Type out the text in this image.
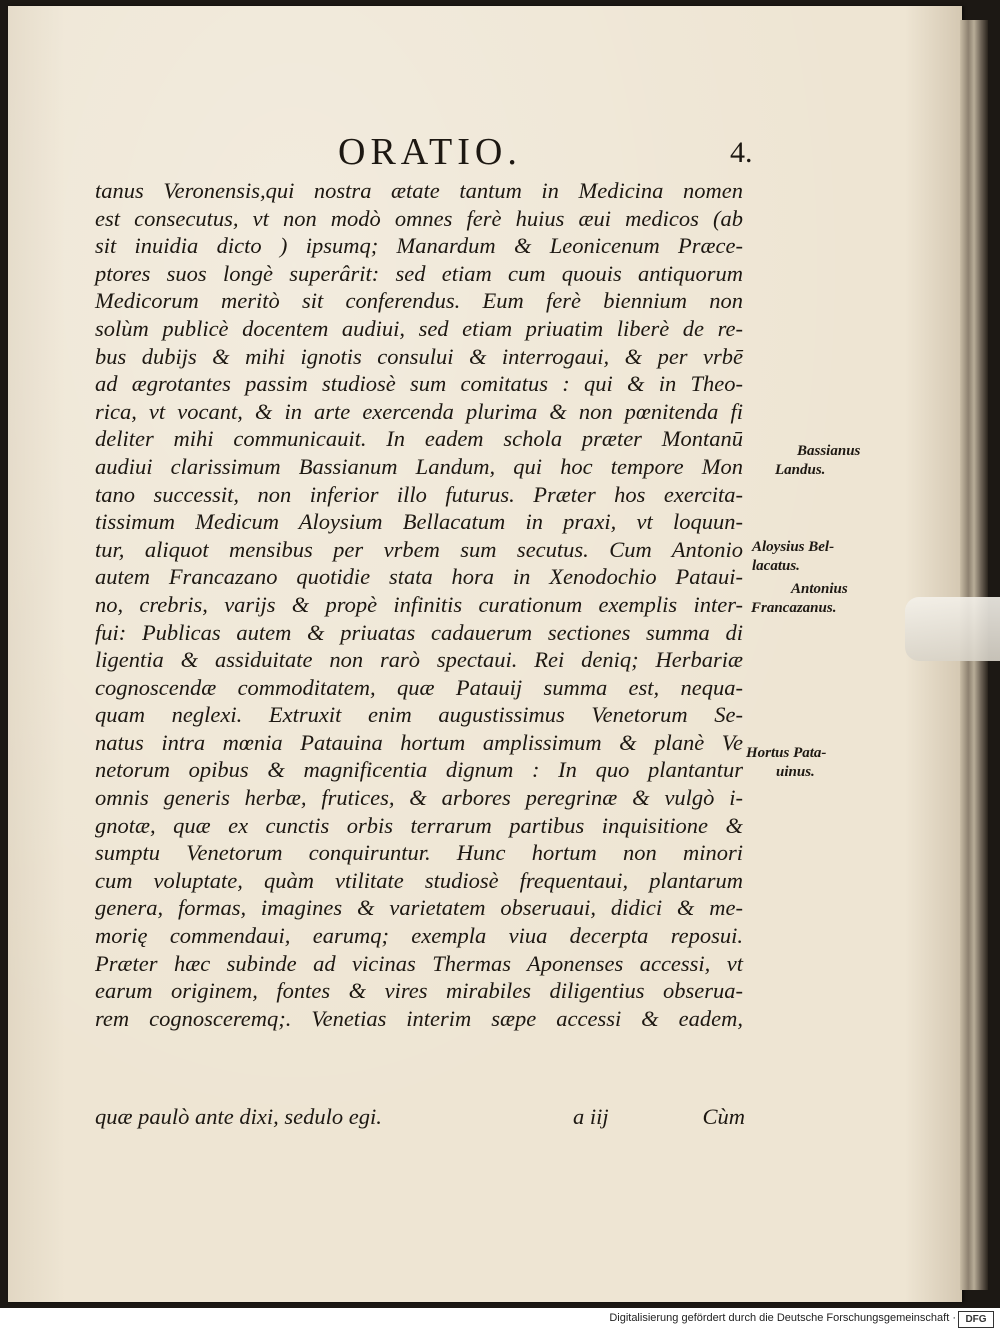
ORATIO.	4.
tanus Veronensis,qui nostra ætate tantum in Medicina nomen
est consecutus, vt non modò omnes ferè huius æui medicos (ab
sit inuidia dicto ) ipsumq; Manardum & Leonicenum Præce-
ptores suos longè superârit: sed etiam cum quouis antiquorum
Medicorum meritò sit conferendus. Eum ferè biennium non
solùm publicè docentem audiui, sed etiam priuatim liberè de re-
bus dubijs & mihi ignotis consului & interrogaui, & per vrbē
ad ægrotantes passim studiosè sum comitatus : qui & in Theo-
rica, vt vocant, & in arte exercenda plurima & non pœnitenda fi
deliter mihi communicauit. In eadem schola præter Montanū
audiui clarissimum Bassianum Landum, qui hoc tempore Mon
tano successit, non inferior illo futurus. Præter hos exercita-
tissimum Medicum Aloysium Bellacatum in praxi, vt loquun-
tur, aliquot mensibus per vrbem sum secutus. Cum Antonio
autem Francazano quotidie stata hora in Xenodochio Pataui-
no, crebris, varijs & propè infinitis curationum exemplis inter-
fui: Publicas autem & priuatas cadauerum sectiones summa di
ligentia & assiduitate non rarò spectaui. Rei deniq; Herbariæ
cognoscendæ commoditatem, quæ Patauij summa est, nequa-
quam neglexi. Extruxit enim augustissimus Venetorum Se-
natus intra mœnia Patauina hortum amplissimum & planè Ve
netorum opibus & magnificentia dignum : In quo plantantur
omnis generis herbæ, frutices, & arbores peregrinæ & vulgò i-
gnotæ, quæ ex cunctis orbis terrarum partibus inquisitione &
sumptu Venetorum conquiruntur. Hunc hortum non minori
cum voluptate, quàm vtilitate studiosè frequentaui, plantarum
genera, formas, imagines & varietatem obseruaui, didici & me-
morię commendaui, earumq; exempla viua decerpta reposui.
Præter hæc subinde ad vicinas Thermas Aponenses accessi, vt
earum originem, fontes & vires mirabiles diligentius obserua-
rem cognosceremq;. Venetias interim sæpe accessi & eadem,
quæ paulò ante dixi, sedulo egi.	a iij	Cùm
Bassianus
Landus.
Aloysius Bel-
lacatus.
Antonius
Francazanus.
Hortus Pata-
uinus.
Digitalisierung gefördert durch die Deutsche Forschungsgemeinschaft · DFG
